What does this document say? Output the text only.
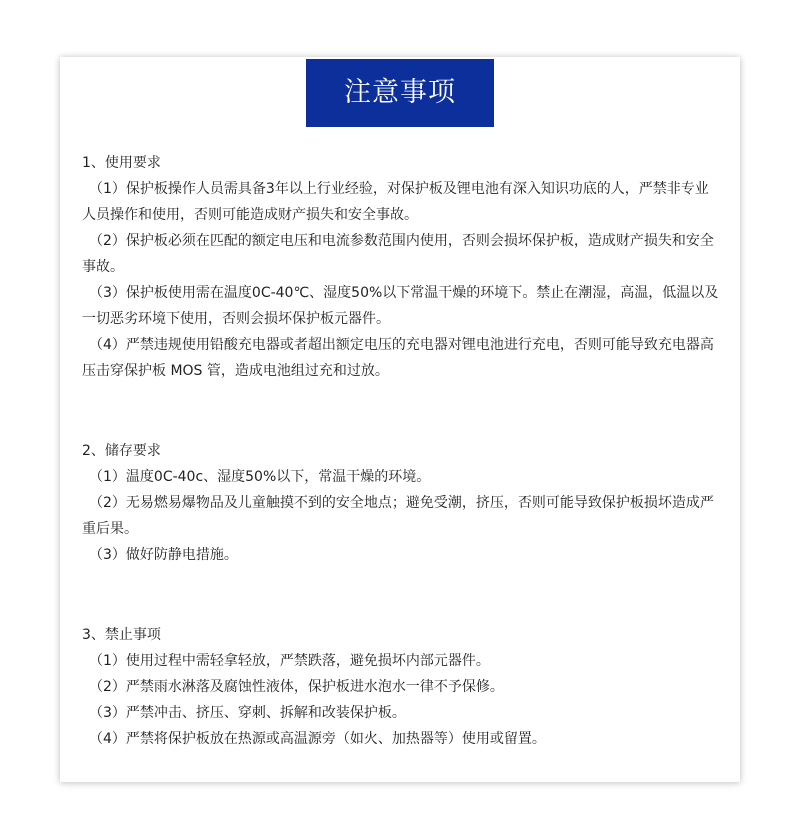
注意事项

1、使用要求

（1）保护板操作人员需具备3年以上行业经验，对保护板及锂电池有深入知识功底的人，严禁非专业人员操作和使用，否则可能造成财产损失和安全事故。

（2）保护板必须在匹配的额定电压和电流参数范围内使用，否则会损坏保护板，造成财产损失和安全事故。

（3）保护板使用需在温度0C-40℃、湿度50%以下常温干燥的环境下。禁止在潮湿，高温，低温以及一切恶劣环境下使用，否则会损坏保护板元器件。

（4）严禁违规使用铅酸充电器或者超出额定电压的充电器对锂电池进行充电，否则可能导致充电器高压击穿保护板 MOS 管，造成电池组过充和过放。

2、储存要求

（1）温度0C-40c、湿度50%以下，常温干燥的环境。

（2）无易燃易爆物品及儿童触摸不到的安全地点；避免受潮，挤压，否则可能导致保护板损坏造成严重后果。

（3）做好防静电措施。

3、禁止事项

（1）使用过程中需轻拿轻放，严禁跌落，避免损坏内部元器件。

（2）严禁雨水淋落及腐蚀性液体，保护板进水泡水一律不予保修。

（3）严禁冲击、挤压、穿刺、拆解和改装保护板。

（4）严禁将保护板放在热源或高温源旁（如火、加热器等）使用或留置。
